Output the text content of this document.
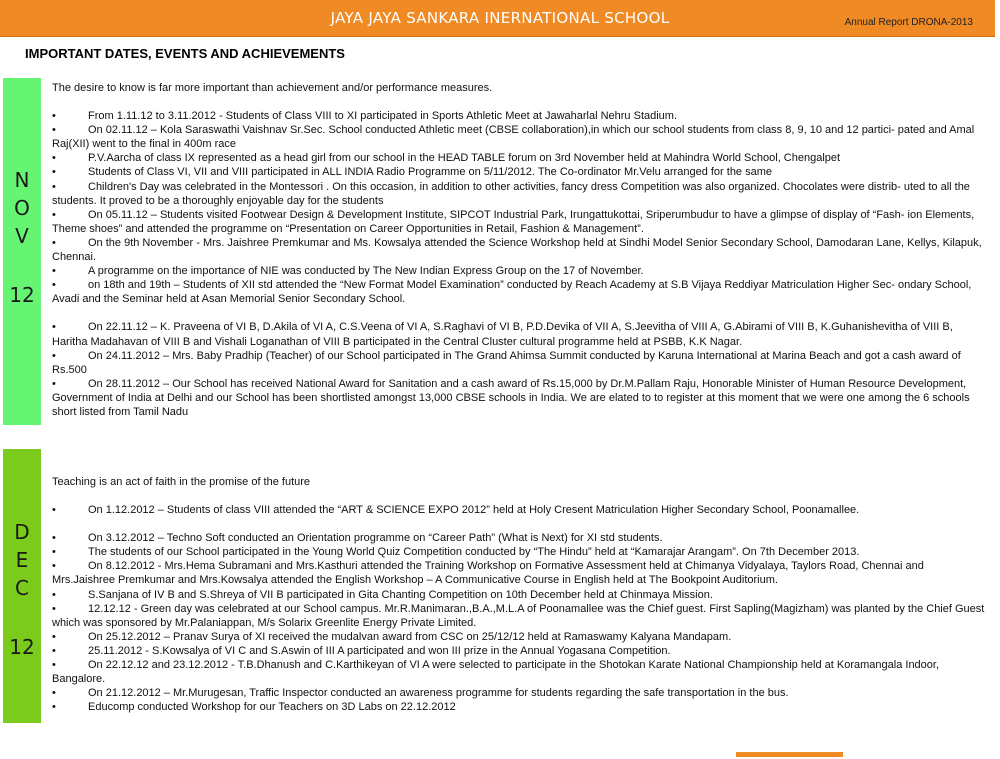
JAYA JAYA SANKARA INERNATIONAL SCHOOL	Annual Report DRONA-2013
IMPORTANT DATES, EVENTS AND ACHIEVEMENTS
N
O
V
12

The desire to know is far more important than achievement and/or performance measures.

•	From 1.11.12 to 3.11.2012 - Students of Class VIII to XI participated in Sports Athletic Meet at Jawaharlal Nehru Stadium.
•	On 02.11.12 – Kola Saraswathi Vaishnav Sr.Sec. School conducted Athletic meet (CBSE collaboration),in which our school students from class 8, 9, 10 and 12 partici- pated and Amal Raj(XII) went to the final in 400m race
•	P.V.Aarcha of class IX represented as a head girl from our school in the HEAD TABLE forum on 3rd November held at Mahindra World School, Chengalpet
•	Students of Class VI, VII and VIII participated in ALL INDIA Radio Programme on 5/11/2012. The Co-ordinator Mr.Velu arranged for the same
•	Children's Day was celebrated in the Montessori . On this occasion, in addition to other activities, fancy dress Competition was also organized. Chocolates were distrib- uted to all the students. It proved to be a thoroughly enjoyable day for the students
•	On 05.11.12 – Students visited Footwear Design & Development Institute, SIPCOT Industrial Park, Irungattukottai, Sriperumbudur to have a glimpse of display of “Fash- ion Elements, Theme shoes” and attended the programme on “Presentation on Career Opportunities in Retail, Fashion & Management”.
•	On the 9th November - Mrs. Jaishree Premkumar and Ms. Kowsalya attended the Science Workshop held at Sindhi Model Senior Secondary School, Damodaran Lane, Kellys, Kilapuk, Chennai.
•	A programme on the importance of NIE was conducted by The New Indian Express Group on the 17 of November.
•	on 18th and 19th – Students of XII std attended the “New Format Model Examination” conducted by Reach Academy at S.B Vijaya Reddiyar Matriculation Higher Sec- ondary School, Avadi and the Seminar held at Asan Memorial Senior Secondary School.
•	On 22.11.12 – K. Praveena of VI B, D.Akila of VI A, C.S.Veena of VI A, S.Raghavi of VI B, P.D.Devika of VII A, S.Jeevitha of VIII A, G.Abirami of VIII B, K.Guhanishevitha of VIII B, Haritha Madahavan of VIII B and Vishali Loganathan of VIII B participated in the Central Cluster cultural programme held at PSBB, K.K Nagar.
•	On 24.11.2012 – Mrs. Baby Pradhip (Teacher) of our School participated in The Grand Ahimsa Summit conducted by Karuna International at Marina Beach and got a cash award of Rs.500
•	On 28.11.2012 – Our School has received National Award for Sanitation and a cash award of Rs.15,000 by Dr.M.Pallam Raju, Honorable Minister of Human Resource Development, Government of India at Delhi and our School has been shortlisted amongst 13,000 CBSE schools in India. We are elated to to register at this moment that we were one among the 6 schools short listed from Tamil Nadu
D
E
C
12

Teaching is an act of faith in the promise of the future

•	On 1.12.2012 – Students of class VIII attended the “ART & SCIENCE EXPO 2012” held at Holy Cresent Matriculation Higher Secondary School, Poonamallee.
•	On 3.12.2012 – Techno Soft conducted an Orientation programme on “Career Path” (What is Next) for XI std students.
•	The students of our School participated in the Young World Quiz Competition conducted by “The Hindu” held at “Kamarajar Arangam”. On 7th December 2013.
•	On 8.12.2012 - Mrs.Hema Subramani and Mrs.Kasthuri attended the Training Workshop on Formative Assessment held at Chimanya Vidyalaya, Taylors Road, Chennai and Mrs.Jaishree Premkumar and Mrs.Kowsalya attended the English Workshop – A Communicative Course in English held at The Bookpoint Auditorium.
•	S.Sanjana of IV B and S.Shreya of VII B participated in Gita Chanting Competition on 10th December held at Chinmaya Mission.
•	12.12.12 - Green day was celebrated at our School campus. Mr.R.Manimaran.,B.A.,M.L.A of Poonamallee was the Chief guest. First Sapling(Magizham) was planted by the Chief Guest which was sponsored by Mr.Palaniappan, M/s Solarix Greenlite Energy Private Limited.
•	On 25.12.2012 – Pranav Surya of XI received the mudalvan award from CSC on 25/12/12 held at Ramaswamy Kalyana Mandapam.
•	25.11.2012 - S.Kowsalya of VI C and S.Aswin of III A participated and won III prize in the Annual Yogasana Competition.
•	On 22.12.12 and 23.12.2012 - T.B.Dhanush and C.Karthikeyan of VI A were selected to participate in the Shotokan Karate National Championship held at Koramangala Indoor, Bangalore.
•	On 21.12.2012 – Mr.Murugesan, Traffic Inspector conducted an awareness programme for students regarding the safe transportation in the bus.
•	Educomp conducted Workshop for our Teachers on 3D Labs on 22.12.2012
